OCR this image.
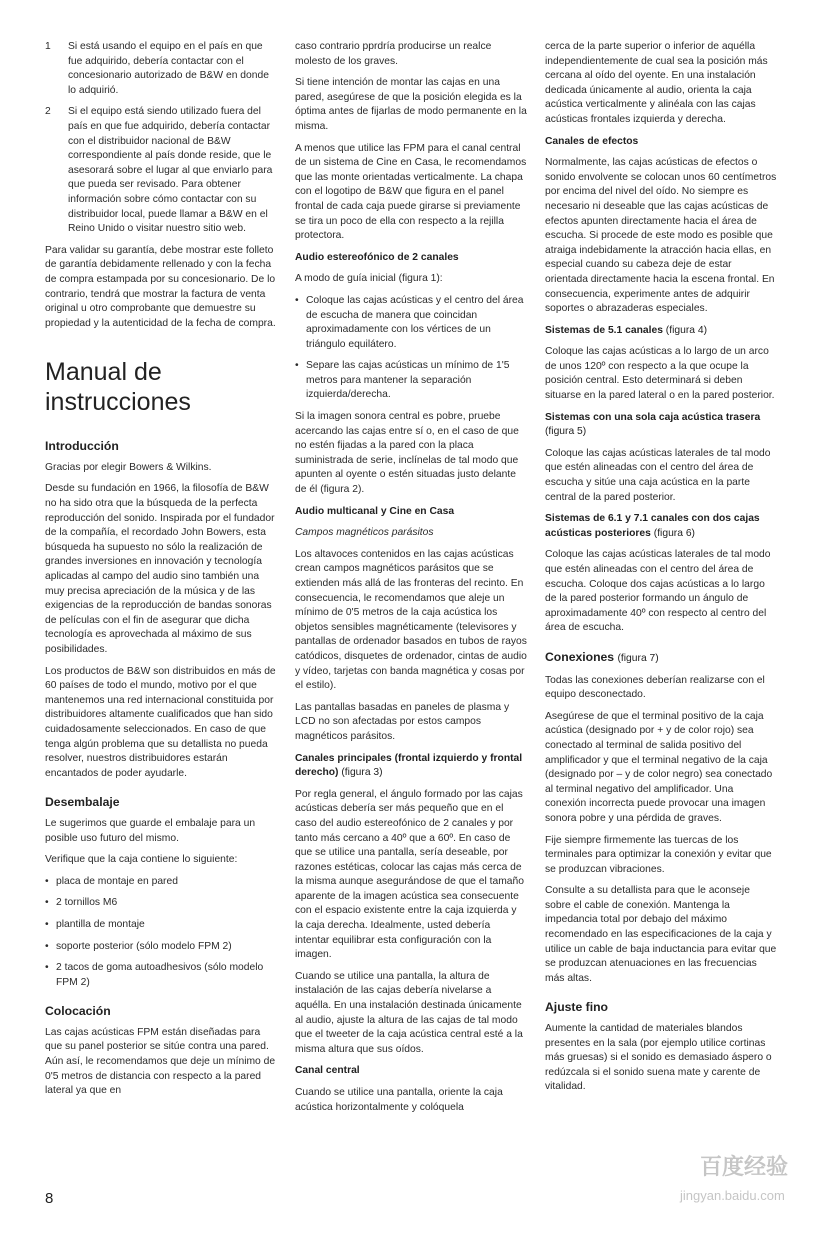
1	Si está usando el equipo en el país en que fue adquirido, debería contactar con el concesionario autorizado de B&W en donde lo adquirió.
2	Si el equipo está siendo utilizado fuera del país en que fue adquirido, debería contactar con el distribuidor nacional de B&W correspondiente al país donde reside, que le asesorará sobre el lugar al que enviarlo para que pueda ser revisado. Para obtener información sobre cómo contactar con su distribuidor local, puede llamar a B&W en el Reino Unido o visitar nuestro sitio web.

Para validar su garantía, debe mostrar este folleto de garantía debidamente rellenado y con la fecha de compra estampada por su concesionario. De lo contrario, tendrá que mostrar la factura de venta original u otro comprobante que demuestre su propiedad y la autenticidad de la fecha de compra.

Manual de instrucciones
Introducción

Gracias por elegir Bowers & Wilkins.

Desde su fundación en 1966, la filosofía de B&W no ha sido otra que la búsqueda de la perfecta reproducción del sonido. Inspirada por el fundador de la compañía, el recordado John Bowers, esta búsqueda ha supuesto no sólo la realización de grandes inversiones en innovación y tecnología aplicadas al campo del audio sino también una muy precisa apreciación de la música y de las exigencias de la reproducción de bandas sonoras de películas con el fin de asegurar que dicha tecnología es aprovechada al máximo de sus posibilidades.

Los productos de B&W son distribuidos en más de 60 países de todo el mundo, motivo por el que mantenemos una red internacional constituida por distribuidores altamente cualificados que han sido cuidadosamente seleccionados. En caso de que tenga algún problema que su detallista no pueda resolver, nuestros distribuidores estarán encantados de poder ayudarle.

Desembalaje

Le sugerimos que guarde el embalaje para un posible uso futuro del mismo.

Verifique que la caja contiene lo siguiente:

• placa de montaje en pared
• 2 tornillos M6
• plantilla de montaje
• soporte posterior (sólo modelo FPM 2)
• 2 tacos de goma autoadhesivos (sólo modelo FPM 2)
Colocación

Las cajas acústicas FPM están diseñadas para que su panel posterior se sitúe contra una pared. Aún así, le recomendamos que deje un mínimo de 0'5 metros de distancia con respecto a la pared lateral ya que en

caso contrario pprdría producirse un realce molesto de los graves.

Si tiene intención de montar las cajas en una pared, asegúrese de que la posición elegida es la óptima antes de fijarlas de modo permanente en la misma.

A menos que utilice las FPM para el canal central de un sistema de Cine en Casa, le recomendamos que las monte orientadas verticalmente. La chapa con el logotipo de B&W que figura en el panel frontal de cada caja puede girarse si previamente se tira un poco de ella con respecto a la rejilla protectora.

Audio estereofónico de 2 canales

A modo de guía inicial (figura 1):

• Coloque las cajas acústicas y el centro del área de escucha de manera que coincidan aproximadamente con los vértices de un triángulo equilátero.
• Separe las cajas acústicas un mínimo de 1'5 metros para mantener la separación izquierda/derecha.

Si la imagen sonora central es pobre, pruebe acercando las cajas entre sí o, en el caso de que no estén fijadas a la pared con la placa suministrada de serie, inclínelas de tal modo que apunten al oyente o estén situadas justo delante de él (figura 2).

Audio multicanal y Cine en Casa

Campos magnéticos parásitos

Los altavoces contenidos en las cajas acústicas crean campos magnéticos parásitos que se extienden más allá de las fronteras del recinto. En consecuencia, le recomendamos que aleje un mínimo de 0'5 metros de la caja acústica los objetos sensibles magnéticamente (televisores y pantallas de ordenador basados en tubos de rayos catódicos, disquetes de ordenador, cintas de audio y vídeo, tarjetas con banda magnética y cosas por el estilo).

Las pantallas basadas en paneles de plasma y LCD no son afectadas por estos campos magnéticos parásitos.

Canales principales (frontal izquierdo y frontal derecho) (figura 3)

Por regla general, el ángulo formado por las cajas acústicas debería ser más pequeño que en el caso del audio estereofónico de 2 canales y por tanto más cercano a 40º que a 60º. En caso de que se utilice una pantalla, sería deseable, por razones estéticas, colocar las cajas más cerca de la misma aunque asegurándose de que el tamaño aparente de la imagen acústica sea consecuente con el espacio existente entre la caja izquierda y la caja derecha. Idealmente, usted debería intentar equilibrar esta configuración con la imagen.

Cuando se utilice una pantalla, la altura de instalación de las cajas debería nivelarse a aquélla. En una instalación destinada únicamente al audio, ajuste la altura de las cajas de tal modo que el tweeter de la caja acústica central esté a la misma altura que sus oídos.

Canal central

Cuando se utilice una pantalla, oriente la caja acústica horizontalmente y colóquela

cerca de la parte superior o inferior de aquélla independientemente de cual sea la posición más cercana al oído del oyente. En una instalación dedicada únicamente al audio, orienta la caja acústica verticalmente y alinéala con las cajas acústicas frontales izquierda y derecha.

Canales de efectos

Normalmente, las cajas acústicas de efectos o sonido envolvente se colocan unos 60 centímetros por encima del nivel del oído. No siempre es necesario ni deseable que las cajas acústicas de efectos apunten directamente hacia el área de escucha. Si procede de este modo es posible que atraiga indebidamente la atracción hacia ellas, en especial cuando su cabeza deje de estar orientada directamente hacia la escena frontal. En consecuencia, experimente antes de adquirir soportes o abrazaderas especiales.

Sistemas de 5.1 canales (figura 4)

Coloque las cajas acústicas a lo largo de un arco de unos 120º con respecto a la que ocupe la posición central. Esto determinará si deben situarse en la pared lateral o en la pared posterior.

Sistemas con una sola caja acústica trasera (figura 5)

Coloque las cajas acústicas laterales de tal modo que estén alineadas con el centro del área de escucha y sitúe una caja acústica en la parte central de la pared posterior.

Sistemas de 6.1 y 7.1 canales con dos cajas acústicas posteriores (figura 6)

Coloque las cajas acústicas laterales de tal modo que estén alineadas con el centro del área de escucha. Coloque dos cajas acústicas a lo largo de la pared posterior formando un ángulo de aproximadamente 40º con respecto al centro del área de escucha.

Conexiones (figura 7)

Todas las conexiones deberían realizarse con el equipo desconectado.

Asegúrese de que el terminal positivo de la caja acústica (designado por + y de color rojo) sea conectado al terminal de salida positivo del amplificador y que el terminal negativo de la caja (designado por – y de color negro) sea conectado al terminal negativo del amplificador. Una conexión incorrecta puede provocar una imagen sonora pobre y una pérdida de graves.

Fije siempre firmemente las tuercas de los terminales para optimizar la conexión y evitar que se produzcan vibraciones.

Consulte a su detallista para que le aconseje sobre el cable de conexión. Mantenga la impedancia total por debajo del máximo recomendado en las especificaciones de la caja y utilice un cable de baja inductancia para evitar que se produzcan atenuaciones en las frecuencias más altas.

Ajuste fino

Aumente la cantidad de materiales blandos presentes en la sala (por ejemplo utilice cortinas más gruesas) si el sonido es demasiado áspero o redúzcala si el sonido suena mate y carente de vitalidad.

8
百度经验
jingyan.baidu.com
